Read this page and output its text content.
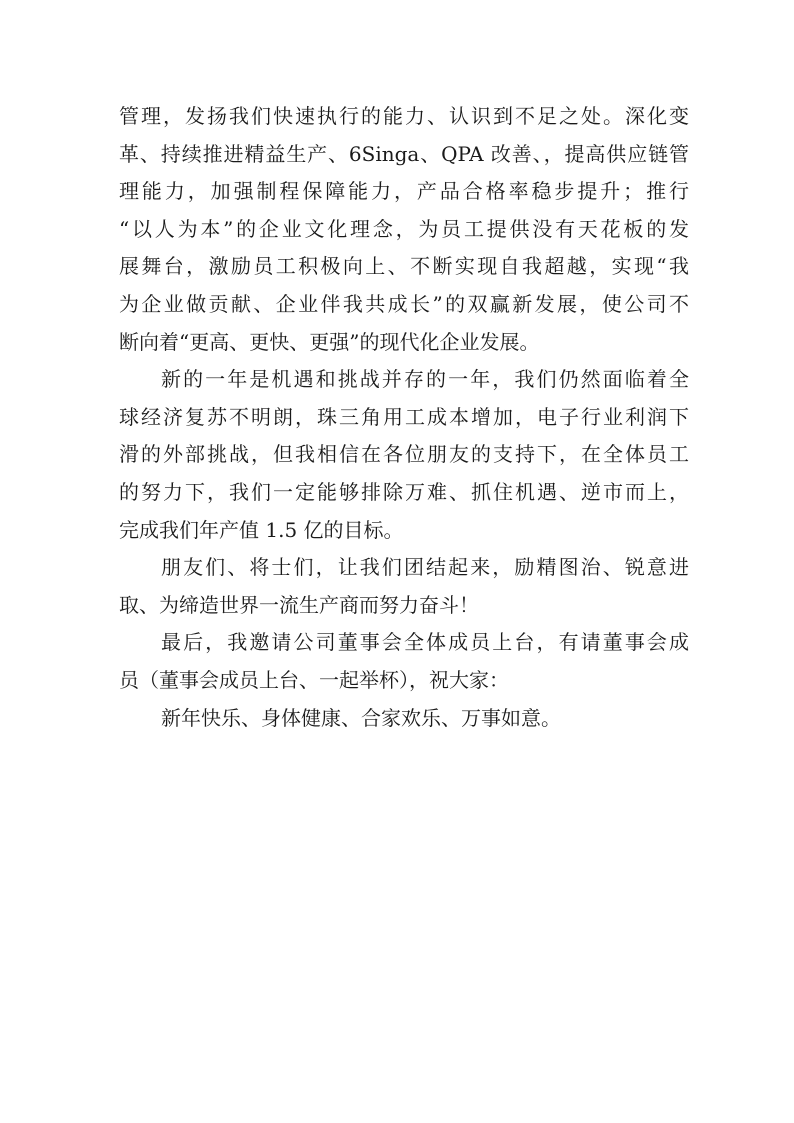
管理，发扬我们快速执行的能力、认识到不足之处。深化变
革、持续推进精益生产、6Singa、QPA 改善、，提高供应链管
理能力，加强制程保障能力，产品合格率稳步提升；推行
“以人为本”的企业文化理念，为员工提供没有天花板的发
展舞台，激励员工积极向上、不断实现自我超越，实现“我
为企业做贡献、企业伴我共成长”的双赢新发展，使公司不
断向着“更高、更快、更强”的现代化企业发展。
新的一年是机遇和挑战并存的一年，我们仍然面临着全
球经济复苏不明朗，珠三角用工成本增加，电子行业利润下
滑的外部挑战，但我相信在各位朋友的支持下，在全体员工
的努力下，我们一定能够排除万难、抓住机遇、逆市而上，
完成我们年产值 1.5 亿的目标。
朋友们、将士们，让我们团结起来，励精图治、锐意进
取、为缔造世界一流生产商而努力奋斗！
最后，我邀请公司董事会全体成员上台，有请董事会成
员（董事会成员上台、一起举杯），祝大家：
新年快乐、身体健康、合家欢乐、万事如意。
